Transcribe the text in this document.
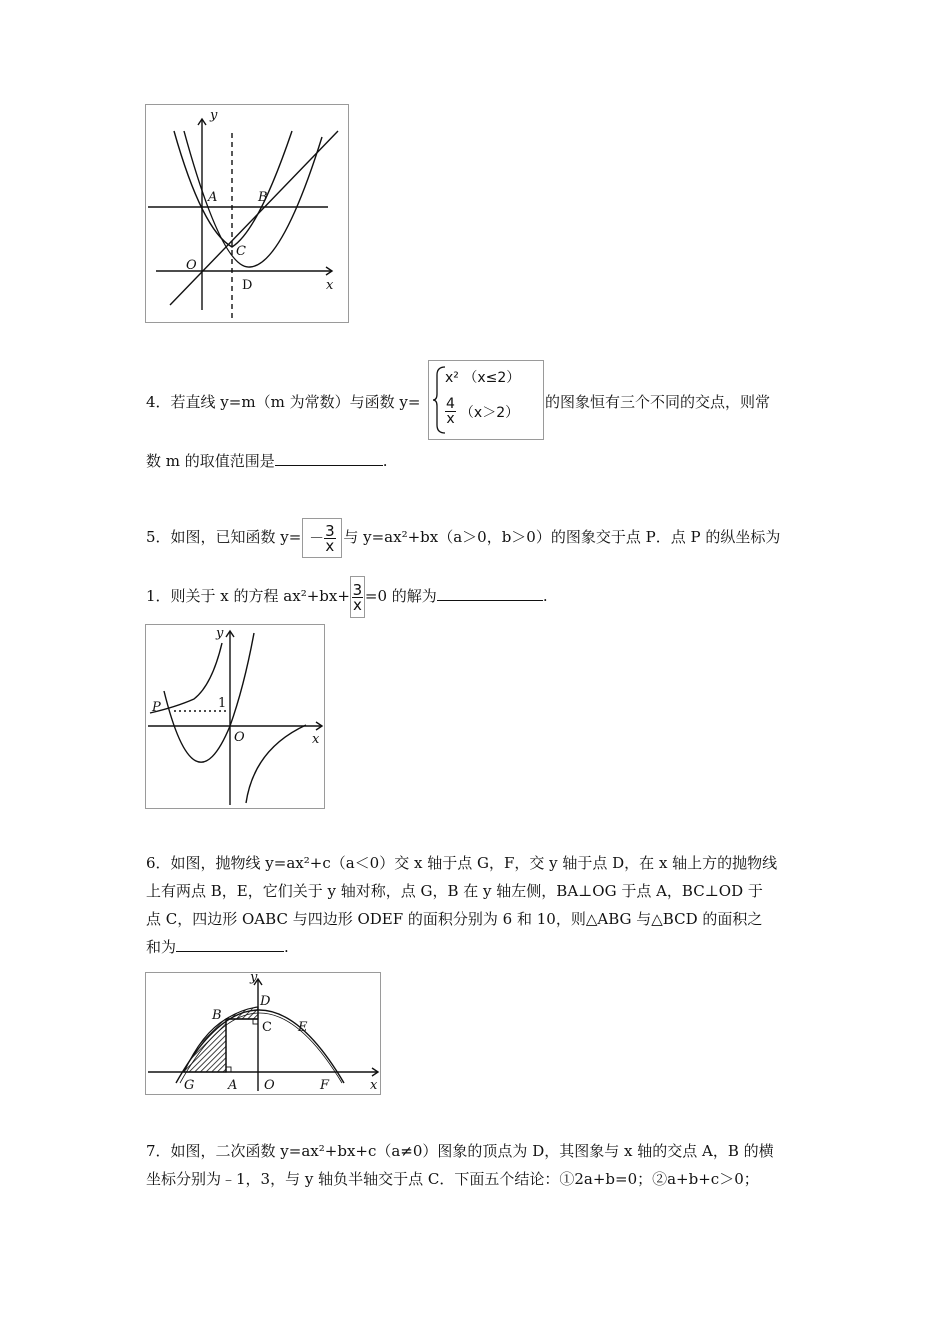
y
A	B
C
O
D	x
4．若直线 y=m（m 为常数）与函数 y=
x² （x≤2）
$\frac{4}{x} (x>2)$
的图象恒有三个不同的交点，则常
数 m 的取值范围是	.
5．如图，已知函数 $y= - \frac{3}{x}$ 与 y=ax²+bx（a＞0，b＞0）的图象交于点 P．点 P 的纵坐标为
1．则关于 x 的方程 $ax^2+bx+ \frac{3}{x} =0$ 的解为	.
y
P	1
O	x
6．如图，抛物线 y=ax²+c（a＜0）交 x 轴于点 G，F，交 y 轴于点 D，在 x 轴上方的抛物线
上有两点 B，E，它们关于 y 轴对称，点 G，B 在 y 轴左侧，BA⊥OG 于点 A，BC⊥OD 于
点 C，四边形 OABC 与四边形 ODEF 的面积分别为 6 和 10，则△ABG 与△BCD 的面积之
和为	.
y
D
B
C E
G	A O	F	x
7．如图，二次函数 y=ax²+bx+c（a≠0）图象的顶点为 D，其图象与 x 轴的交点 A，B 的横
坐标分别为﹣1，3，与 y 轴负半轴交于点 C．下面五个结论：①2a+b=0；②a+b+c＞0；
